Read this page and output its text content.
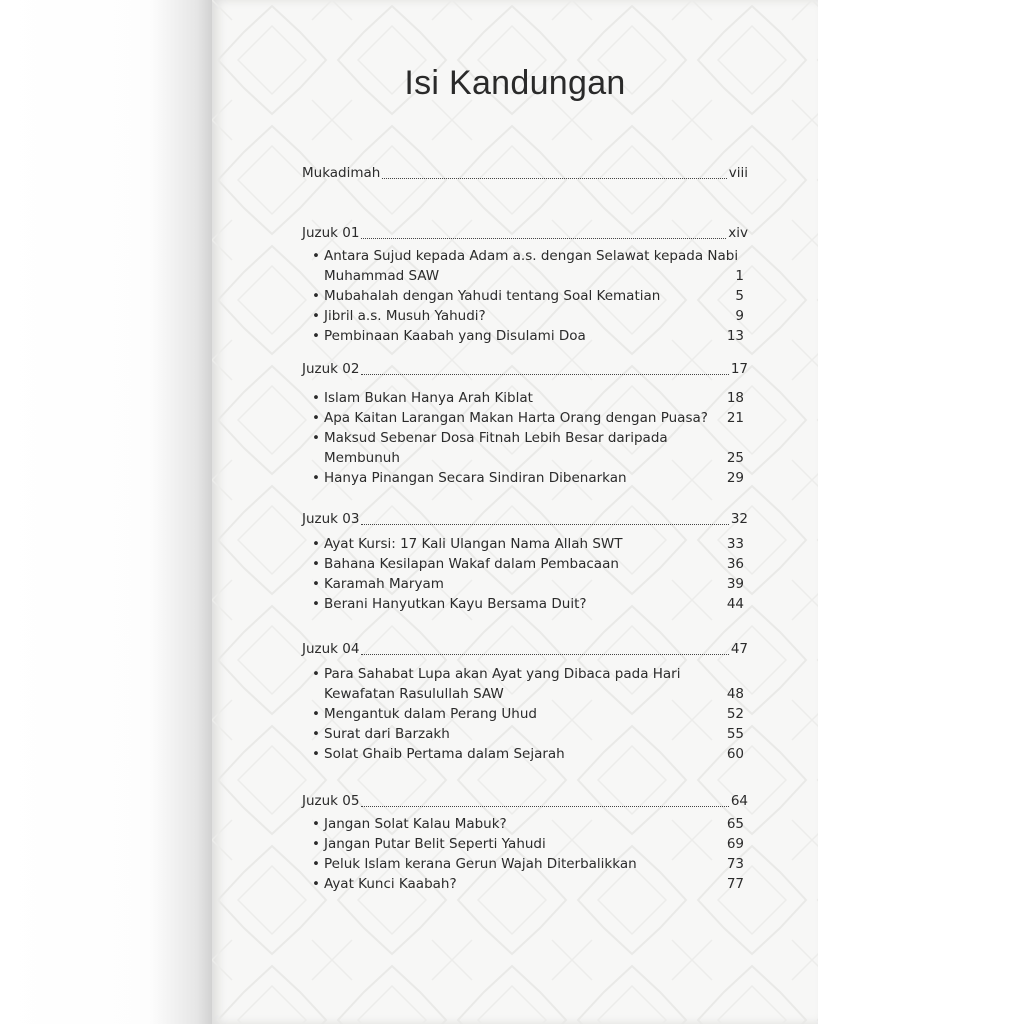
Isi Kandungan
Mukadimah	viii
Juzuk 01	xiv
• Antara Sujud kepada Adam a.s. dengan Selawat kepada Nabi
Muhammad SAW	1
• Mubahalah dengan Yahudi tentang Soal Kematian	5
• Jibril a.s. Musuh Yahudi?	9
• Pembinaan Kaabah yang Disulami Doa	13
Juzuk 02	17
• Islam Bukan Hanya Arah Kiblat	18
• Apa Kaitan Larangan Makan Harta Orang dengan Puasa?	21
• Maksud Sebenar Dosa Fitnah Lebih Besar daripada
Membunuh	25
• Hanya Pinangan Secara Sindiran Dibenarkan	29
Juzuk 03	32
• Ayat Kursi: 17 Kali Ulangan Nama Allah SWT	33
• Bahana Kesilapan Wakaf dalam Pembacaan	36
• Karamah Maryam	39
• Berani Hanyutkan Kayu Bersama Duit?	44
Juzuk 04	47
• Para Sahabat Lupa akan Ayat yang Dibaca pada Hari
Kewafatan Rasulullah SAW	48
• Mengantuk dalam Perang Uhud	52
• Surat dari Barzakh	55
• Solat Ghaib Pertama dalam Sejarah	60
Juzuk 05	64
• Jangan Solat Kalau Mabuk?	65
• Jangan Putar Belit Seperti Yahudi	69
• Peluk Islam kerana Gerun Wajah Diterbalikkan	73
• Ayat Kunci Kaabah?	77
